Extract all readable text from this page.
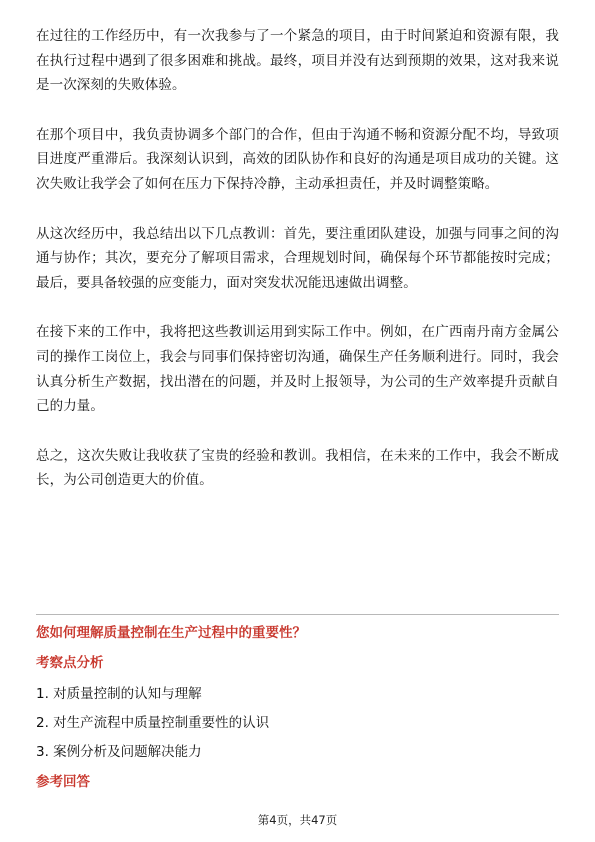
在过往的工作经历中，有一次我参与了一个紧急的项目，由于时间紧迫和资源有限，我在执行过程中遇到了很多困难和挑战。最终，项目并没有达到预期的效果，这对我来说是一次深刻的失败体验。

在那个项目中，我负责协调多个部门的合作，但由于沟通不畅和资源分配不均，导致项目进度严重滞后。我深刻认识到，高效的团队协作和良好的沟通是项目成功的关键。这次失败让我学会了如何在压力下保持冷静，主动承担责任，并及时调整策略。

从这次经历中，我总结出以下几点教训：首先，要注重团队建设，加强与同事之间的沟通与协作；其次，要充分了解项目需求，合理规划时间，确保每个环节都能按时完成；最后，要具备较强的应变能力，面对突发状况能迅速做出调整。

在接下来的工作中，我将把这些教训运用到实际工作中。例如，在广西南丹南方金属公司的操作工岗位上，我会与同事们保持密切沟通，确保生产任务顺利进行。同时，我会认真分析生产数据，找出潜在的问题，并及时上报领导，为公司的生产效率提升贡献自己的力量。

总之，这次失败让我收获了宝贵的经验和教训。我相信，在未来的工作中，我会不断成长，为公司创造更大的价值。

您如何理解质量控制在生产过程中的重要性？
考察点分析
1. 对质量控制的认知与理解
2. 对生产流程中质量控制重要性的认识
3. 案例分析及问题解决能力
参考回答
第4页，共47页
